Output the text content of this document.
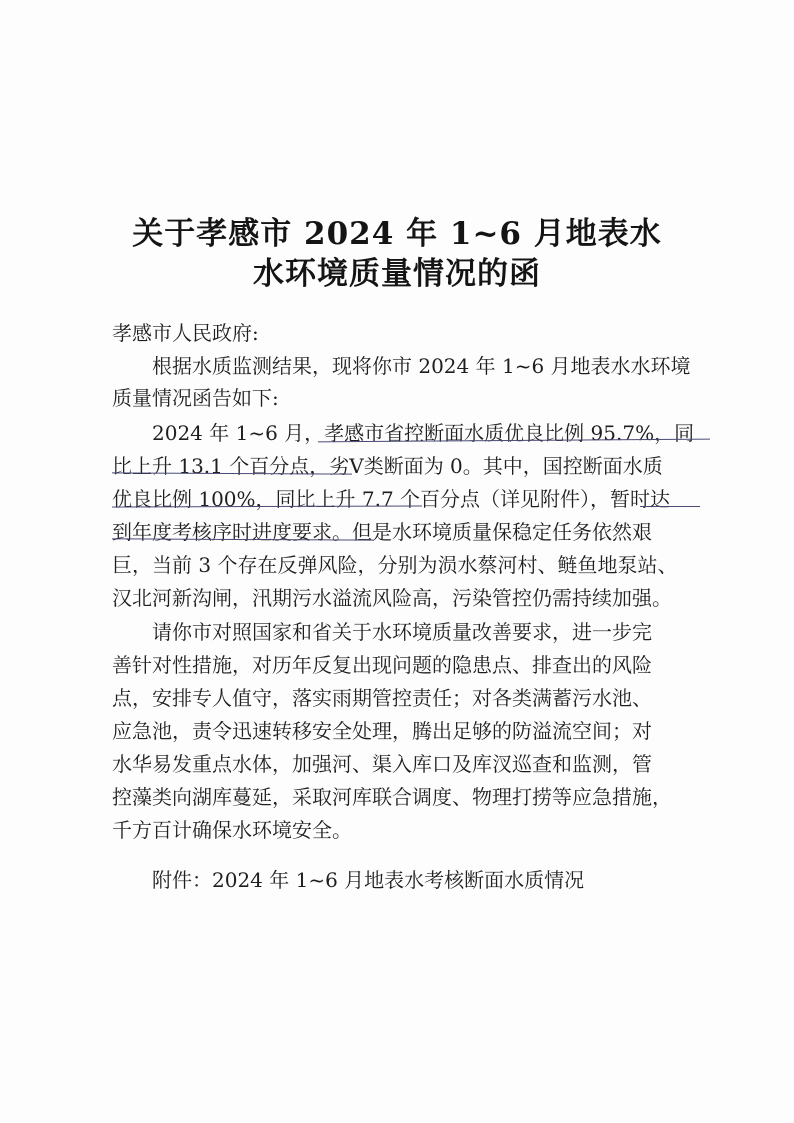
关于孝感市 2024 年 1~6 月地表水
水环境质量情况的函
孝感市人民政府:
根据水质监测结果，现将你市 2024 年 1~6 月地表水水环境
质量情况函告如下:
2024 年 1~6 月，孝感市省控断面水质优良比例 95.7%，同
比上升 13.1 个百分点，劣Ⅴ类断面为 0。其中，国控断面水质
优良比例 100%，同比上升 7.7 个百分点（详见附件），暂时达
到年度考核序时进度要求。但是水环境质量保稳定任务依然艰
巨，当前 3 个存在反弹风险，分别为涢水蔡河村、鲢鱼地泵站、
汉北河新沟闸，汛期污水溢流风险高，污染管控仍需持续加强。
请你市对照国家和省关于水环境质量改善要求，进一步完
善针对性措施，对历年反复出现问题的隐患点、排查出的风险
点，安排专人值守，落实雨期管控责任；对各类满蓄污水池、
应急池，责令迅速转移安全处理，腾出足够的防溢流空间；对
水华易发重点水体，加强河、渠入库口及库汊巡查和监测，管
控藻类向湖库蔓延，采取河库联合调度、物理打捞等应急措施，
千方百计确保水环境安全。
附件：2024 年 1~6 月地表水考核断面水质情况
